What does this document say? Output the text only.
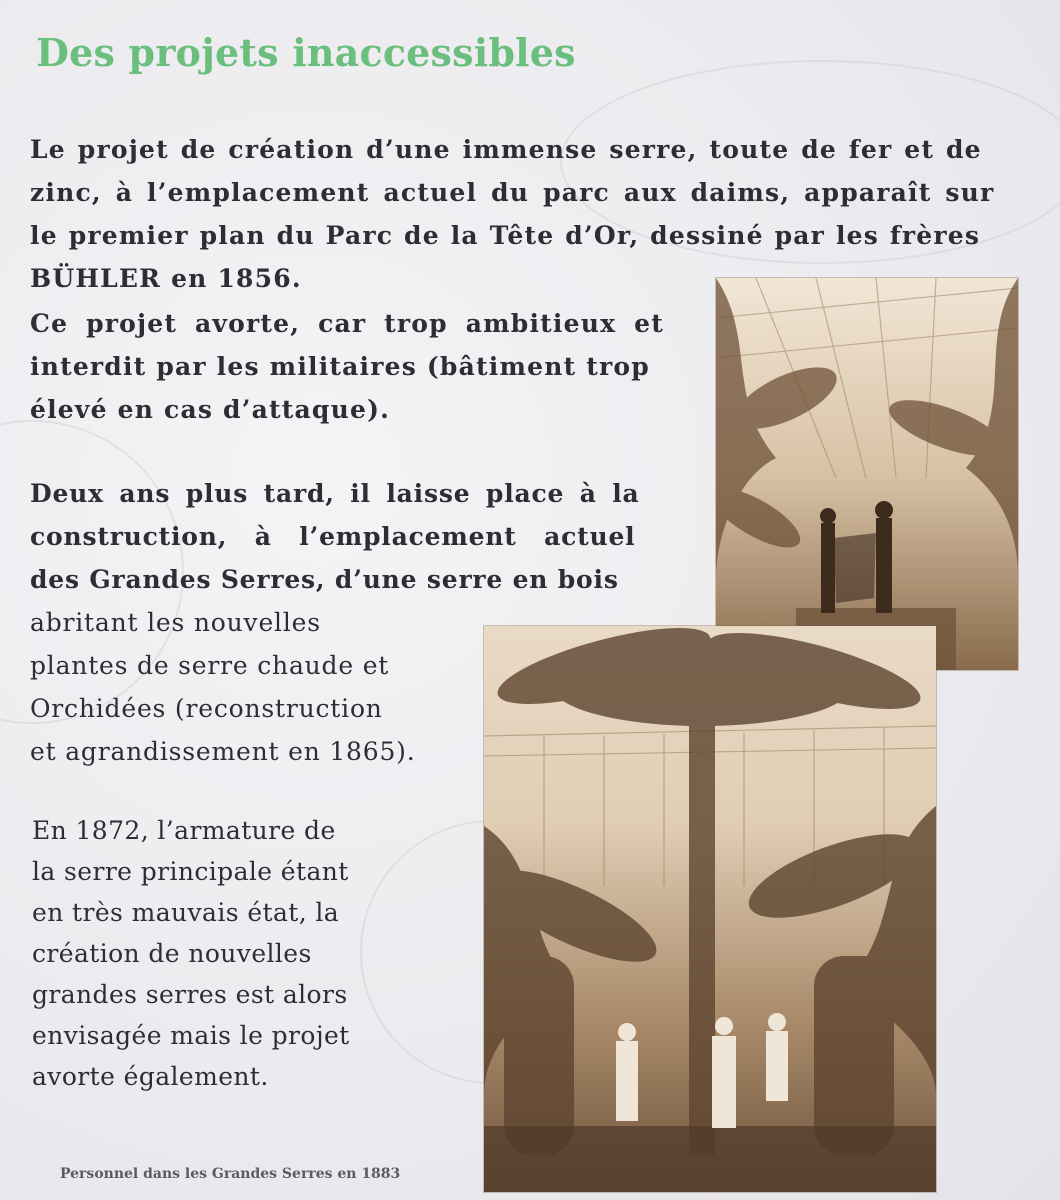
Des projets inaccessibles
Le projet de création d’une immense serre, toute de fer et de
zinc, à l’emplacement actuel du parc aux daims, apparaît sur
le premier plan du Parc de la Tête d’Or, dessiné par les frères
BÜHLER en 1856.
Ce projet avorte, car trop ambitieux et
interdit par les militaires (bâtiment trop
élevé en cas d’attaque).
Deux ans plus tard, il laisse place à la
construction, à l’emplacement actuel
des Grandes Serres, d’une serre en bois
abritant les nouvelles
plantes de serre chaude et
Orchidées (reconstruction
et agrandissement en 1865).
En 1872, l’armature de
la serre principale étant
en très mauvais état, la
création de nouvelles
grandes serres est alors
envisagée mais le projet
avorte également.
Personnel dans les Grandes Serres en 1883
